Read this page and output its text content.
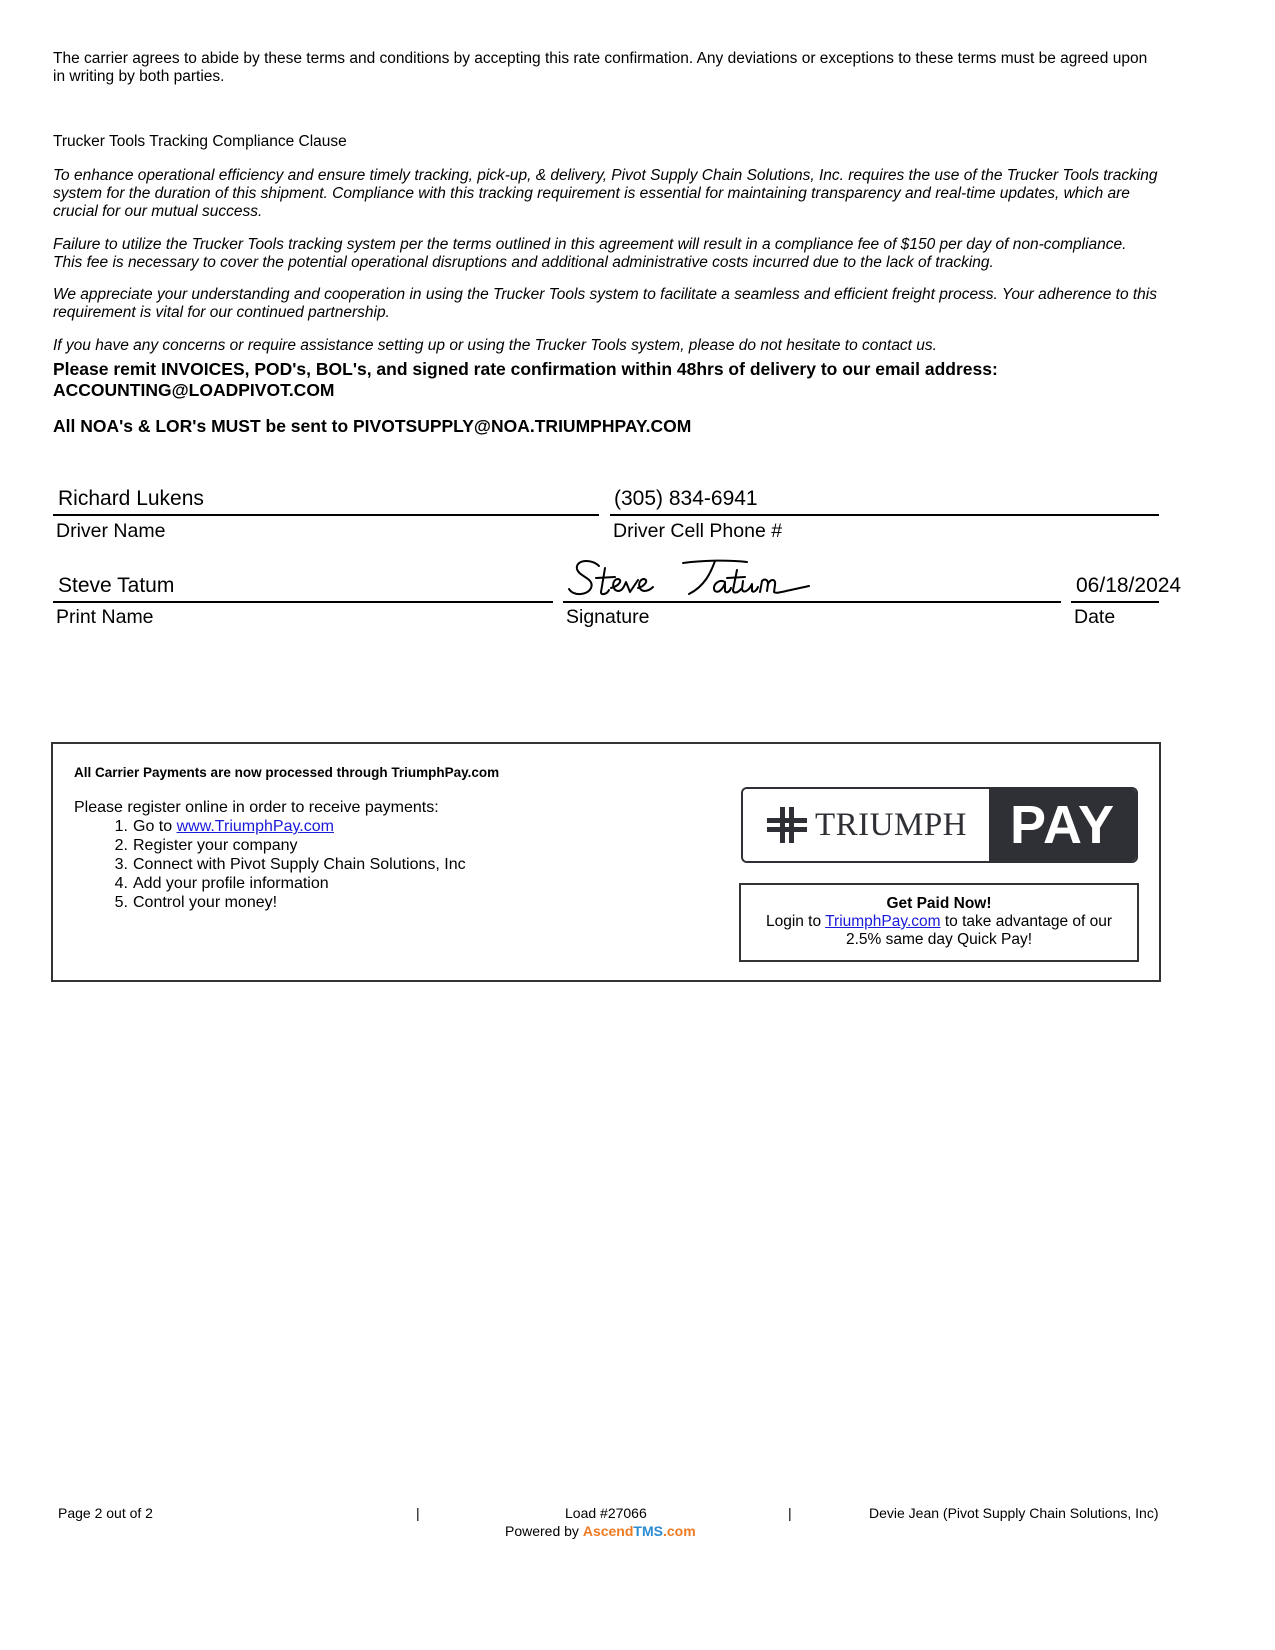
The carrier agrees to abide by these terms and conditions by accepting this rate confirmation. Any deviations or exceptions to these terms must be agreed upon in writing by both parties.

Trucker Tools Tracking Compliance Clause

To enhance operational efficiency and ensure timely tracking, pick-up, & delivery, Pivot Supply Chain Solutions, Inc. requires the use of the Trucker Tools tracking system for the duration of this shipment. Compliance with this tracking requirement is essential for maintaining transparency and real-time updates, which are crucial for our mutual success.

Failure to utilize the Trucker Tools tracking system per the terms outlined in this agreement will result in a compliance fee of $150 per day of non-compliance. This fee is necessary to cover the potential operational disruptions and additional administrative costs incurred due to the lack of tracking.

We appreciate your understanding and cooperation in using the Trucker Tools system to facilitate a seamless and efficient freight process. Your adherence to this requirement is vital for our continued partnership.

If you have any concerns or require assistance setting up or using the Trucker Tools system, please do not hesitate to contact us.

Please remit INVOICES, POD's, BOL's, and signed rate confirmation within 48hrs of delivery to our email address:
ACCOUNTING@LOADPIVOT.COM
All NOA's & LOR's MUST be sent to PIVOTSUPPLY@NOA.TRIUMPHPAY.COM
Richard Lukens
Driver Name
(305) 834-6941
Driver Cell Phone #
Steve Tatum
Print Name	Signature
06/18/2024
Date
All Carrier Payments are now processed through TriumphPay.com
Please register online in order to receive payments:
1. Go to www.TriumphPay.com
2. Register your company
3. Connect with Pivot Supply Chain Solutions, Inc
4. Add your profile information
5. Control your money!
TRIUMPH PAY
Get Paid Now!
Login to TriumphPay.com to take advantage of our
2.5% same day Quick Pay!
Page 2 out of 2	|	Load #27066	|	Devie Jean (Pivot Supply Chain Solutions, Inc)
Powered by AscendTMS.com
